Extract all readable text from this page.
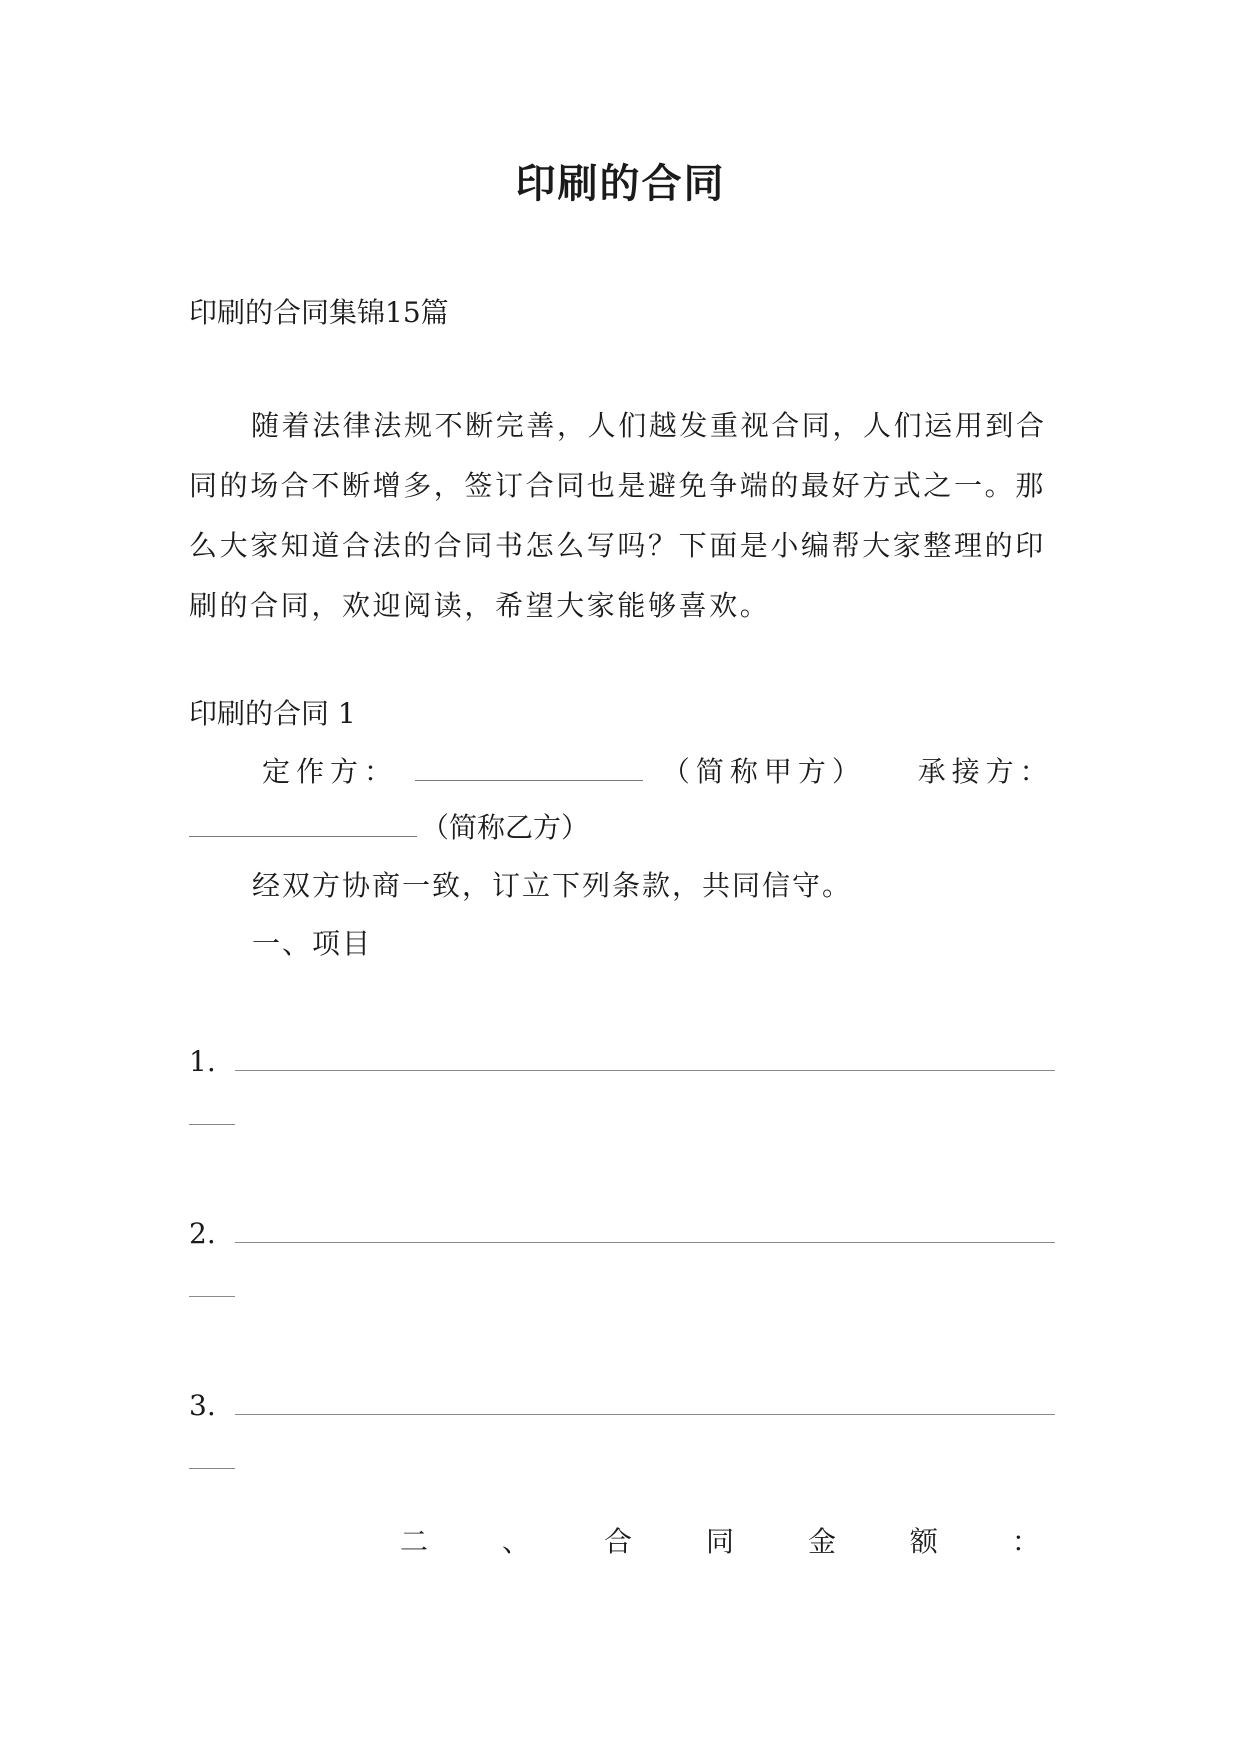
印刷的合同

印刷的合同集锦15篇

随着法律法规不断完善，人们越发重视合同，人们运用到合同的场合不断增多，签订合同也是避免争端的最好方式之一。那么大家知道合法的合同书怎么写吗？下面是小编帮大家整理的印刷的合同，欢迎阅读，希望大家能够喜欢。

印刷的合同 1

定作方：	（简称甲方） 承接方：
（简称乙方）

经双方协商一致，订立下列条款，共同信守。

一、项目

1.
2.
3.
二	、	合	同	金	额	：
